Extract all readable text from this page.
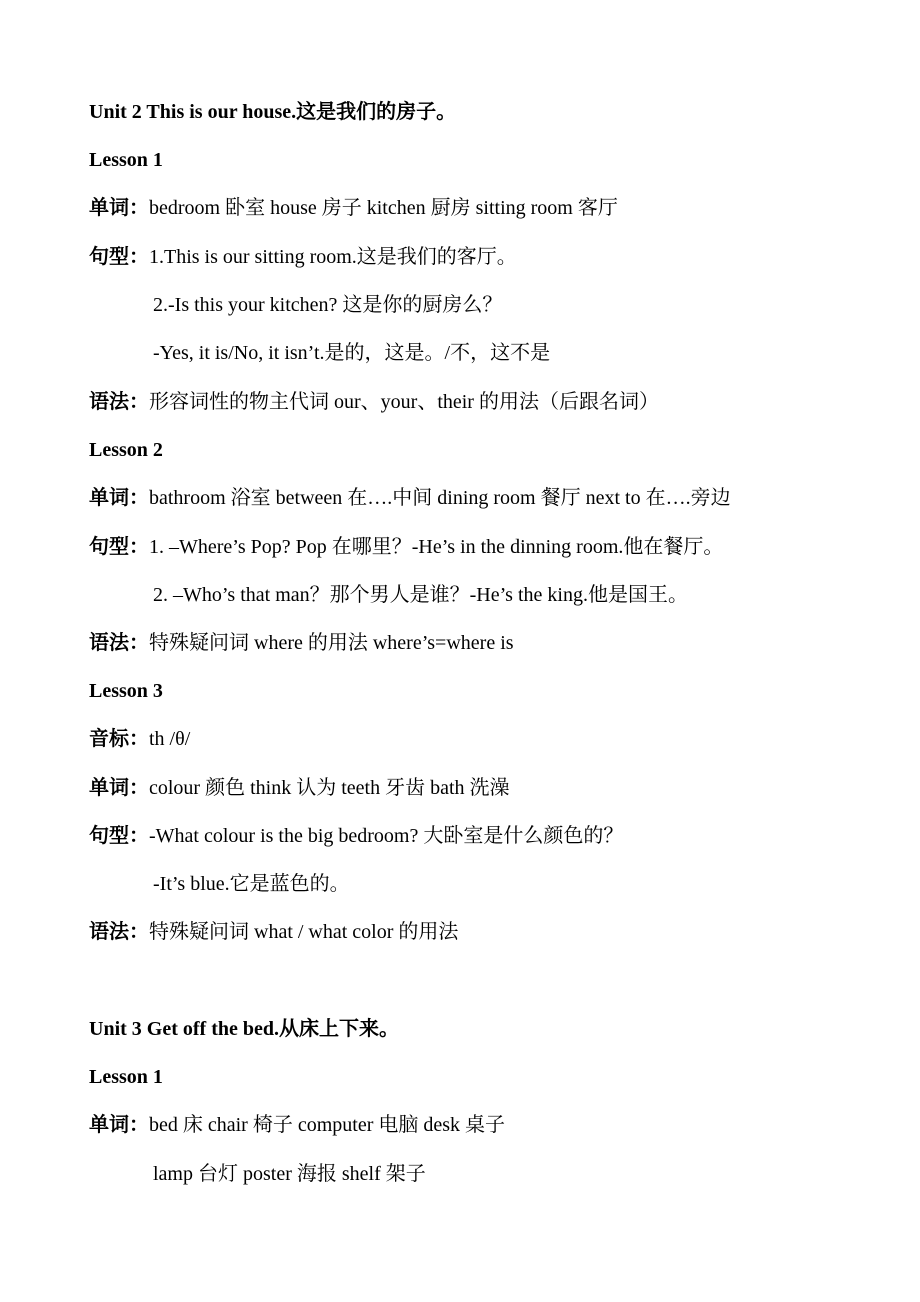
www.zixin.com.cn
Unit 2 This is our house.这是我们的房子。
Lesson 1
单词：bedroom 卧室 house 房子 kitchen 厨房 sitting room 客厅
句型：1.This is our sitting room.这是我们的客厅。
2.-Is this your kitchen? 这是你的厨房么？
-Yes, it is/No, it isn’t.是的，这是。/不，这不是
语法：形容词性的物主代词 our、your、their 的用法（后跟名词）
Lesson 2
单词：bathroom 浴室 between 在….中间 dining room 餐厅 next to 在….旁边
句型：1. –Where’s Pop? Pop 在哪里？-He’s in the dinning room.他在餐厅。
2. –Who’s that man？那个男人是谁？-He’s the king.他是国王。
语法：特殊疑问词 where 的用法 where’s=where is
Lesson 3
音标：th /θ/
单词：colour 颜色 think 认为 teeth 牙齿 bath 洗澡
句型：-What colour is the big bedroom? 大卧室是什么颜色的？
-It’s blue.它是蓝色的。
语法：特殊疑问词 what / what color 的用法
Unit 3 Get off the bed.从床上下来。
Lesson 1
单词：bed 床 chair 椅子 computer 电脑 desk 桌子
lamp 台灯 poster 海报 shelf 架子
